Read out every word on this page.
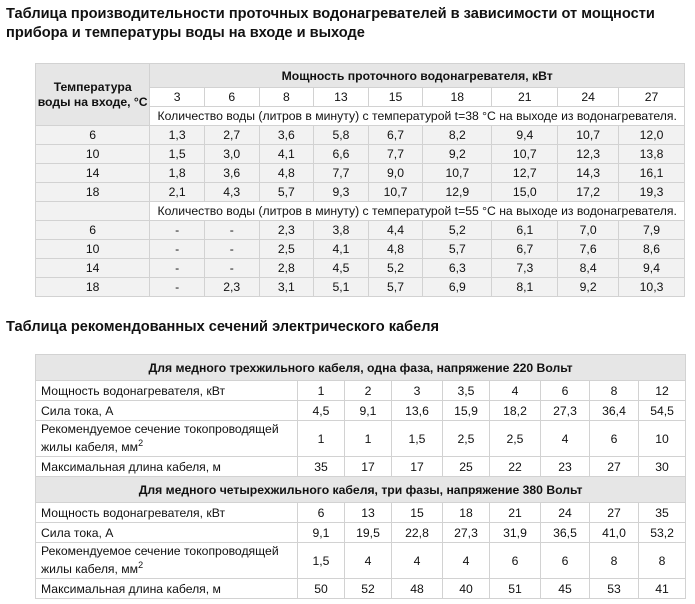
Таблица производительности проточных водонагревателей в зависимости от мощности прибора и температуры воды на входе и выходе
Температура воды на входе, °С	Мощность проточного водонагревателя, кВт								
	3	6	8	13	15	18	21	24	27
	Количество воды (литров в минуту) с температурой t=38 °С на выходе из водонагревателя.								
6	1,3	2,7	3,6	5,8	6,7	8,2	9,4	10,7	12,0
10	1,5	3,0	4,1	6,6	7,7	9,2	10,7	12,3	13,8
14	1,8	3,6	4,8	7,7	9,0	10,7	12,7	14,3	16,1
18	2,1	4,3	5,7	9,3	10,7	12,9	15,0	17,2	19,3
	Количество воды (литров в минуту) с температурой t=55 °С на выходе из водонагревателя.								
6	-	-	2,3	3,8	4,4	5,2	6,1	7,0	7,9
10	-	-	2,5	4,1	4,8	5,7	6,7	7,6	8,6
14	-	-	2,8	4,5	5,2	6,3	7,3	8,4	9,4
18	-	2,3	3,1	5,1	5,7	6,9	8,1	9,2	10,3
Таблица рекомендованных сечений электрического кабеля
Для медного трехжильного кабеля, одна фаза, напряжение 220 Вольт								
Мощность водонагревателя, кВт	1	2	3	3,5	4	6	8	12
Сила тока, А	4,5	9,1	13,6	15,9	18,2	27,3	36,4	54,5
Рекомендуемое сечение токопроводящей жилы кабеля, $мм^2$	1	1	1,5	2,5	2,5	4	6	10
Максимальная длина кабеля, м	35	17	17	25	22	23	27	30
Для медного четырехжильного кабеля, три фазы, напряжение 380 Вольт								
Мощность водонагревателя, кВт	6	13	15	18	21	24	27	35
Сила тока, А	9,1	19,5	22,8	27,3	31,9	36,5	41,0	53,2
Рекомендуемое сечение токопроводящей жилы кабеля, $мм^2$	1,5	4	4	4	6	6	8	8
Максимальная длина кабеля, м	50	52	48	40	51	45	53	41
